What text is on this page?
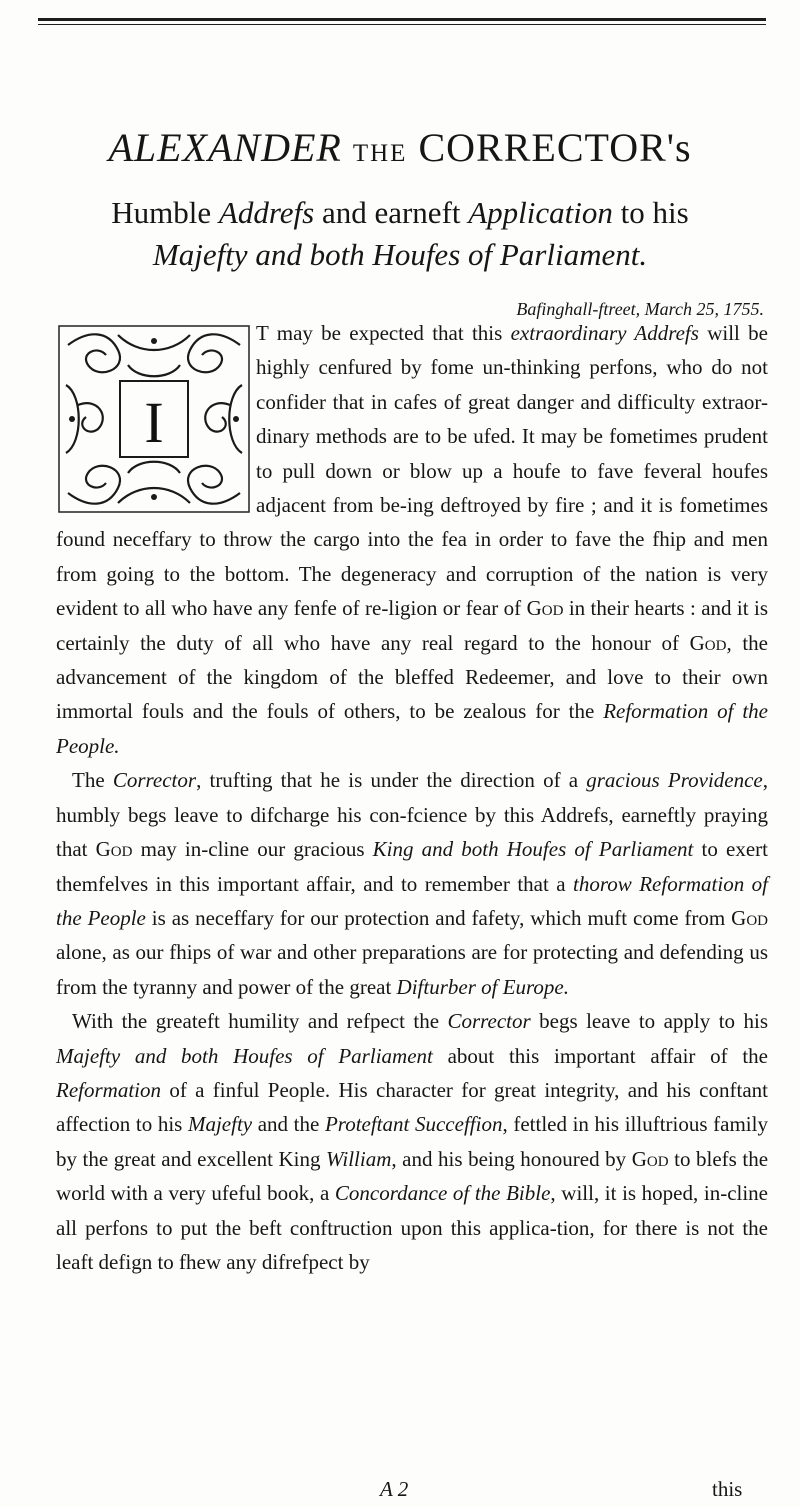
ALEXANDER THE CORRECTOR's
Humble Addrefs and earneft Application to his
Majefty and both Houfes of Parliament.
Bafinghall-ftreet, March 25, 1755.
I

T may be expected that this extraordinary Addrefs will be highly cenfured by fome un-thinking perfons, who do not confider that in cafes of great danger and difficulty extraor-dinary methods are to be ufed. It may be fometimes prudent to pull down or blow up a houfe to fave feveral houfes adjacent from be-ing deftroyed by fire ; and it is fometimes found neceffary to throw the cargo into the fea in order to fave the fhip and men from going to the bottom. The degeneracy and corruption of the nation is very evident to all who have any fenfe of re-ligion or fear of God in their hearts : and it is certainly the duty of all who have any real regard to the honour of God, the advancement of the kingdom of the bleffed Redeemer, and love to their own immortal fouls and the fouls of others, to be zealous for the Reformation of the People.

The Corrector, trufting that he is under the direction of a gracious Providence, humbly begs leave to difcharge his con-fcience by this Addrefs, earneftly praying that God may in-cline our gracious King and both Houfes of Parliament to exert themfelves in this important affair, and to remember that a thorow Reformation of the People is as neceffary for our protection and fafety, which muft come from God alone, as our fhips of war and other preparations are for protecting and defending us from the tyranny and power of the great Difturber of Europe.

With the greateft humility and refpect the Corrector begs leave to apply to his Majefty and both Houfes of Parliament about this important affair of the Reformation of a finful People. His character for great integrity, and his conftant affection to his Majefty and the Proteftant Succeffion, fettled in his illuftrious family by the great and excellent King William, and his being honoured by God to blefs the world with a very ufeful book, a Concordance of the Bible, will, it is hoped, in-cline all perfons to put the beft conftruction upon this applica-tion, for there is not the leaft defign to fhew any difrefpect by

A 2	this
